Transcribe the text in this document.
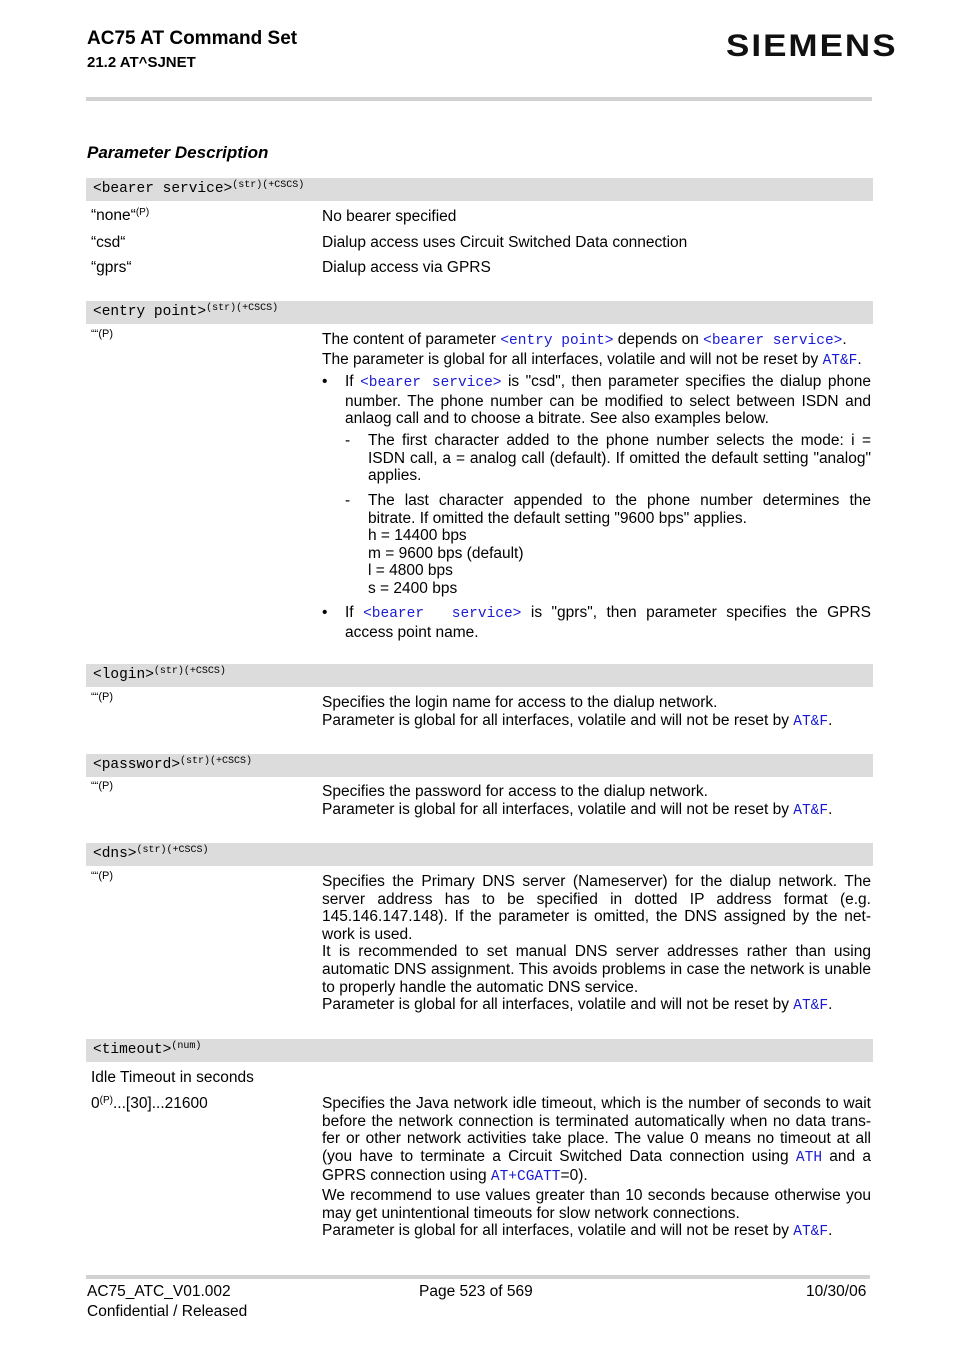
AC75 AT Command Set
21.2 AT^SJNET	SIEMENS
Parameter Description
<bearer service>$^{(str)(+CSCS)}$
“none“$^{(P)}$	No bearer specified
“csd“	Dialup access uses Circuit Switched Data connection
“gprs“	Dialup access via GPRS
<entry point>$^{(str)(+CSCS)}$
““(P)	The content of parameter <entry point> depends on <bearer service>.
The parameter is global for all interfaces, volatile and will not be reset by AT&F.
• If <bearer service> is "csd", then parameter specifies the dialup phone number. The phone number can be modified to select between ISDN and anlaog call and to choose a bitrate. See also examples below.
- The first character added to the phone number selects the mode: i = ISDN call, a = analog call (default). If omitted the default setting "analog" applies.
- The last character appended to the phone number determines the bitrate. If omitted the default setting "9600 bps" applies.
h = 14400 bps
m = 9600 bps (default)
l = 4800 bps
s = 2400 bps
• If <bearer  service> is "gprs", then parameter specifies the GPRS access point name.
<login>$^{(str)(+CSCS)}$
““(P)	Specifies the login name for access to the dialup network.
Parameter is global for all interfaces, volatile and will not be reset by AT&F.
<password>$^{(str)(+CSCS)}$
““(P)	Specifies the password for access to the dialup network.
Parameter is global for all interfaces, volatile and will not be reset by AT&F.
<dns>$^{(str)(+CSCS)}$
““(P)	Specifies the Primary DNS server (Nameserver) for the dialup network. The server address has to be specified in dotted IP address format (e.g. 145.146.147.148). If the parameter is omitted, the DNS assigned by the net-work is used.
It is recommended to set manual DNS server addresses rather than using automatic DNS assignment. This avoids problems in case the network is unable to properly handle the automatic DNS service.
Parameter is global for all interfaces, volatile and will not be reset by AT&F.
<timeout>$^{(num)}$
Idle Timeout in seconds
$0^{(P)}...[30]...21600$	Specifies the Java network idle timeout, which is the number of seconds to wait before the network connection is terminated automatically when no data trans-fer or other network activities take place. The value 0 means no timeout at all (you have to terminate a Circuit Switched Data connection using ATH and a GPRS connection using AT+CGATT=0).
We recommend to use values greater than 10 seconds because otherwise you may get unintentional timeouts for slow network connections.
Parameter is global for all interfaces, volatile and will not be reset by AT&F.
AC75_ATC_V01.002
Confidential / Released
Page 523 of 569	10/30/06
